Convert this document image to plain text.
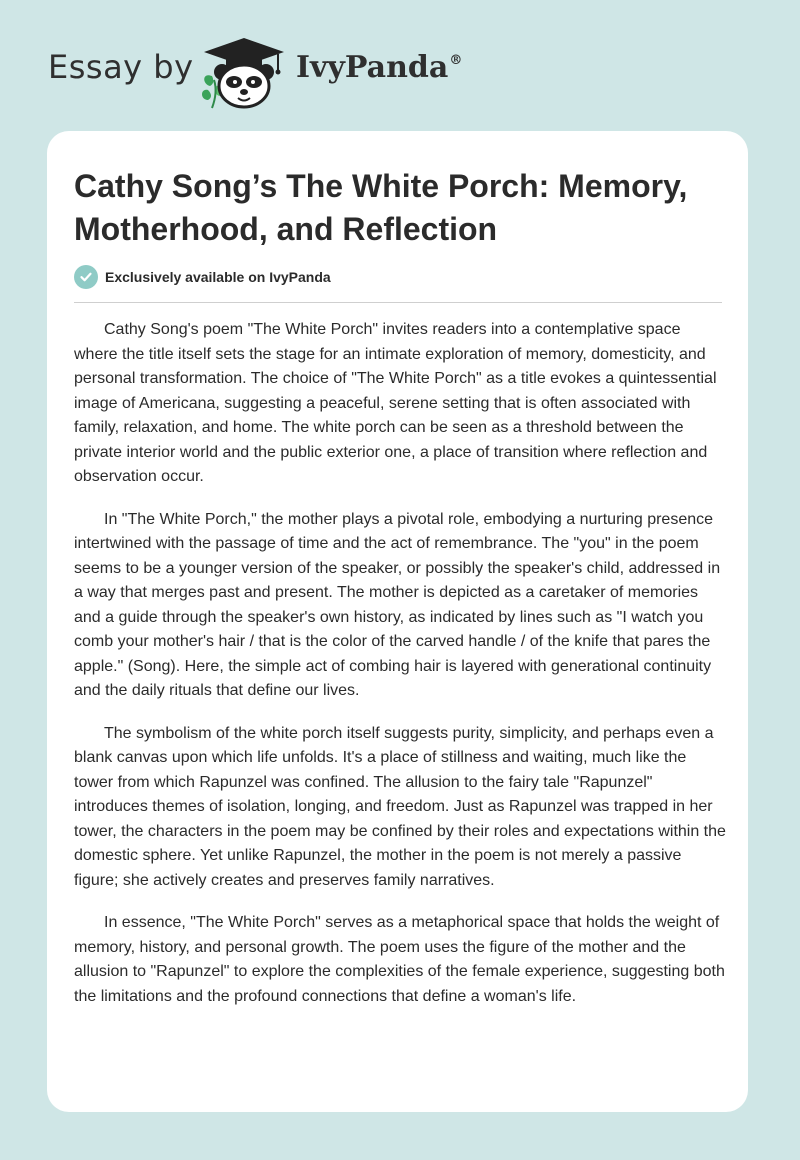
Essay by	IvyPanda®
Cathy Song’s The White Porch: Memory, Motherhood, and Reflection
Exclusively available on IvyPanda

Cathy Song's poem "The White Porch" invites readers into a contemplative space where the title itself sets the stage for an intimate exploration of memory, domesticity, and personal transformation. The choice of "The White Porch" as a title evokes a quintessential image of Americana, suggesting a peaceful, serene setting that is often associated with family, relaxation, and home. The white porch can be seen as a threshold between the private interior world and the public exterior one, a place of transition where reflection and observation occur.

In "The White Porch," the mother plays a pivotal role, embodying a nurturing presence intertwined with the passage of time and the act of remembrance. The "you" in the poem seems to be a younger version of the speaker, or possibly the speaker's child, addressed in a way that merges past and present. The mother is depicted as a caretaker of memories and a guide through the speaker's own history, as indicated by lines such as "I watch you comb your mother's hair / that is the color of the carved handle / of the knife that pares the apple." (Song). Here, the simple act of combing hair is layered with generational continuity and the daily rituals that define our lives.

The symbolism of the white porch itself suggests purity, simplicity, and perhaps even a blank canvas upon which life unfolds. It's a place of stillness and waiting, much like the tower from which Rapunzel was confined. The allusion to the fairy tale "Rapunzel" introduces themes of isolation, longing, and freedom. Just as Rapunzel was trapped in her tower, the characters in the poem may be confined by their roles and expectations within the domestic sphere. Yet unlike Rapunzel, the mother in the poem is not merely a passive figure; she actively creates and preserves family narratives.

In essence, "The White Porch" serves as a metaphorical space that holds the weight of memory, history, and personal growth. The poem uses the figure of the mother and the allusion to "Rapunzel" to explore the complexities of the female experience, suggesting both the limitations and the profound connections that define a woman's life.
